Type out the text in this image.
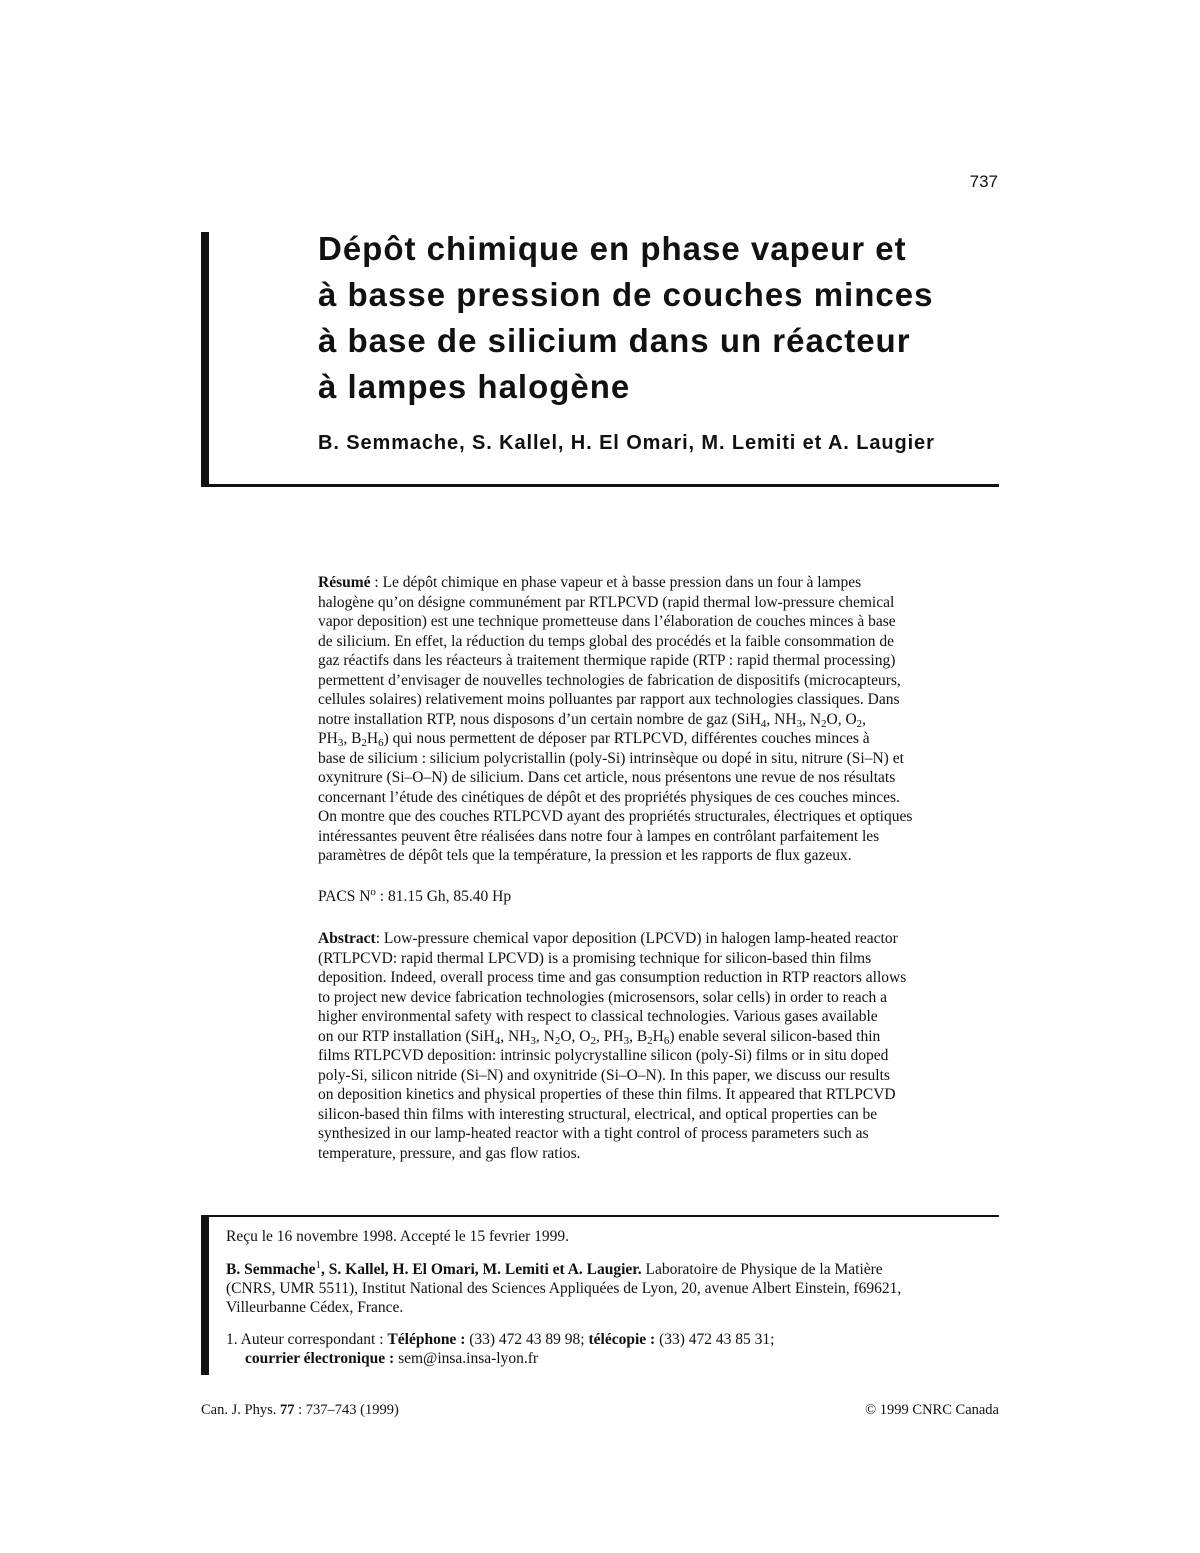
737
Dépôt chimique en phase vapeur et
à basse pression de couches minces
à base de silicium dans un réacteur
à lampes halogène

B. Semmache, S. Kallel, H. El Omari, M. Lemiti et A. Laugier

Résumé : Le dépôt chimique en phase vapeur et à basse pression dans un four à lampes
halogène qu’on désigne communément par RTLPCVD (rapid thermal low-pressure chemical
vapor deposition) est une technique prometteuse dans l’élaboration de couches minces à base
de silicium. En effet, la réduction du temps global des procédés et la faible consommation de
gaz réactifs dans les réacteurs à traitement thermique rapide (RTP : rapid thermal processing)
permettent d’envisager de nouvelles technologies de fabrication de dispositifs (microcapteurs,
cellules solaires) relativement moins polluantes par rapport aux technologies classiques. Dans
notre installation RTP, nous disposons d’un certain nombre de gaz (SiH$_4$, $NH_3$, $N_2O$, $O_2$,
$PH_3$, $B_2H_6$) qui nous permettent de déposer par RTLPCVD, différentes couches minces à
base de silicium : silicium polycristallin (poly-Si) intrinsèque ou dopé in situ, nitrure (Si–N) et
oxynitrure (Si–O–N) de silicium. Dans cet article, nous présentons une revue de nos résultats
concernant l’étude des cinétiques de dépôt et des propriétés physiques de ces couches minces.
On montre que des couches RTLPCVD ayant des propriétés structurales, électriques et optiques
intéressantes peuvent être réalisées dans notre four à lampes en contrôlant parfaitement les
paramètres de dépôt tels que la température, la pression et les rapports de flux gazeux.
PACS $N^o$ : 81.15 Gh, 85.40 Hp
Abstract: Low-pressure chemical vapor deposition (LPCVD) in halogen lamp-heated reactor
(RTLPCVD: rapid thermal LPCVD) is a promising technique for silicon-based thin films
deposition. Indeed, overall process time and gas consumption reduction in RTP reactors allows
to project new device fabrication technologies (microsensors, solar cells) in order to reach a
higher environmental safety with respect to classical technologies. Various gases available
on our RTP installation (SiH$_4$, $NH_3$, $N_2O$, $O_2$, $PH_3$, $B_2H_6$) enable several silicon-based thin
films RTLPCVD deposition: intrinsic polycrystalline silicon (poly-Si) films or in situ doped
poly-Si, silicon nitride (Si–N) and oxynitride (Si–O–N). In this paper, we discuss our results
on deposition kinetics and physical properties of these thin films. It appeared that RTLPCVD
silicon-based thin films with interesting structural, electrical, and optical properties can be
synthesized in our lamp-heated reactor with a tight control of process parameters such as
temperature, pressure, and gas flow ratios.
Reçu le 16 novembre 1998. Accepté le 15 fevrier 1999.
B. Semmache$^1$, S. Kallel, H. El Omari, M. Lemiti et A. Laugier. Laboratoire de Physique de la Matière
(CNRS, UMR 5511), Institut National des Sciences Appliquées de Lyon, 20, avenue Albert Einstein, f69621,
Villeurbanne Cédex, France.
1. Auteur correspondant : Téléphone : (33) 472 43 89 98; télécopie : (33) 472 43 85 31;
courrier électronique : sem@insa.insa-lyon.fr
Can. J. Phys. 77 : 737–743 (1999)	© 1999 CNRC Canada
